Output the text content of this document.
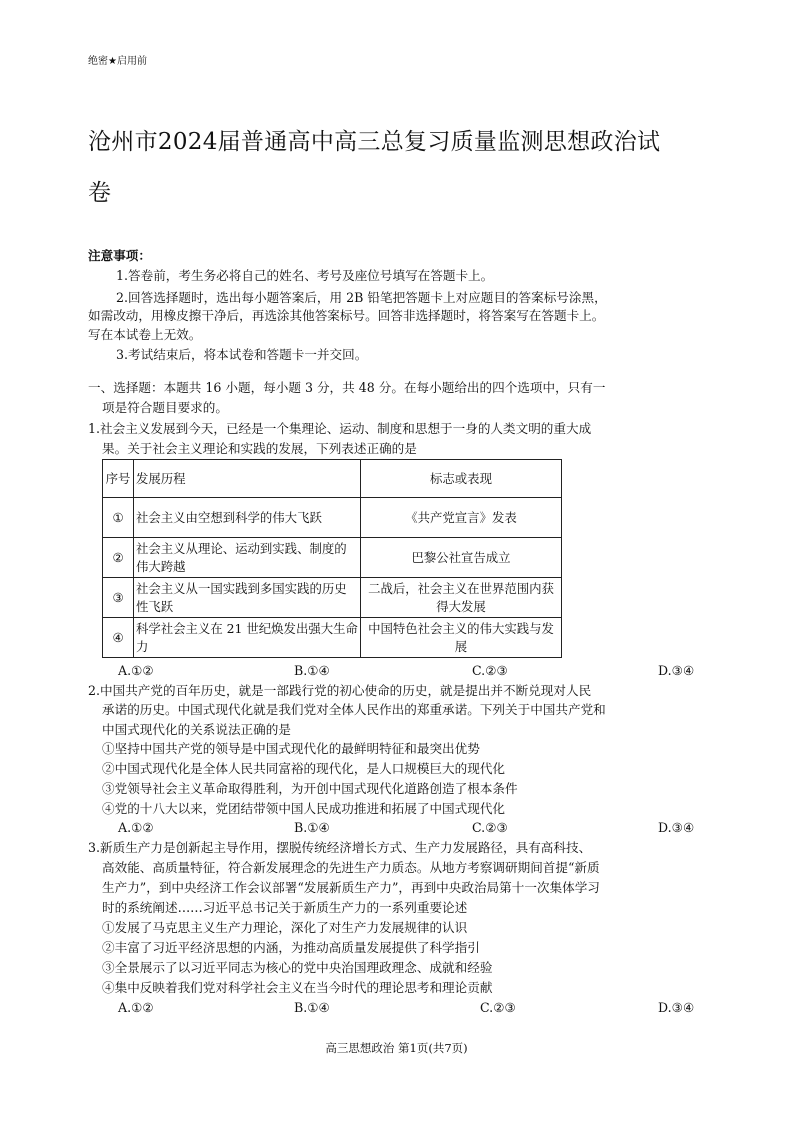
绝密★启用前
沧州市2024届普通高中高三总复习质量监测思想政治试
卷
注意事项：
1.答卷前，考生务必将自己的姓名、考号及座位号填写在答题卡上。
2.回答选择题时，选出每小题答案后，用 2B 铅笔把答题卡上对应题目的答案标号涂黑，
如需改动，用橡皮擦干净后，再选涂其他答案标号。回答非选择题时，将答案写在答题卡上。
写在本试卷上无效。
3.考试结束后，将本试卷和答题卡一并交回。
一、选择题：本题共 16 小题，每小题 3 分，共 48 分。在每小题给出的四个选项中，只有一
项是符合题目要求的。
1.社会主义发展到今天，已经是一个集理论、运动、制度和思想于一身的人类文明的重大成
果。关于社会主义理论和实践的发展，下列表述正确的是
序号	发展历程	标志或表现
①	社会主义由空想到科学的伟大飞跃	《共产党宣言》发表
②	社会主义从理论、运动到实践、制度的伟大跨越	巴黎公社宣告成立
③	社会主义从一国实践到多国实践的历史性飞跃	二战后，社会主义在世界范围内获得大发展
④	科学社会主义在 21 世纪焕发出强大生命力	中国特色社会主义的伟大实践与发展
A.①②	B.①④	C.②③	D.③④
2.中国共产党的百年历史，就是一部践行党的初心使命的历史，就是提出并不断兑现对人民
承诺的历史。中国式现代化就是我们党对全体人民作出的郑重承诺。下列关于中国共产党和
中国式现代化的关系说法正确的是
①坚持中国共产党的领导是中国式现代化的最鲜明特征和最突出优势
②中国式现代化是全体人民共同富裕的现代化，是人口规模巨大的现代化
③党领导社会主义革命取得胜利，为开创中国式现代化道路创造了根本条件
④党的十八大以来，党团结带领中国人民成功推进和拓展了中国式现代化
A.①②	B.①④	C.②③	D.③④
3.新质生产力是创新起主导作用，摆脱传统经济增长方式、生产力发展路径，具有高科技、
高效能、高质量特征，符合新发展理念的先进生产力质态。从地方考察调研期间首提“新质
生产力”，到中央经济工作会议部署“发展新质生产力”，再到中央政治局第十一次集体学习
时的系统阐述……习近平总书记关于新质生产力的一系列重要论述
①发展了马克思主义生产力理论，深化了对生产力发展规律的认识
②丰富了习近平经济思想的内涵，为推动高质量发展提供了科学指引
③全景展示了以习近平同志为核心的党中央治国理政理念、成就和经验
④集中反映着我们党对科学社会主义在当今时代的理论思考和理论贡献
A.①②	B.①④	C.②③	D.③④
高三思想政治 第1页(共7页)
